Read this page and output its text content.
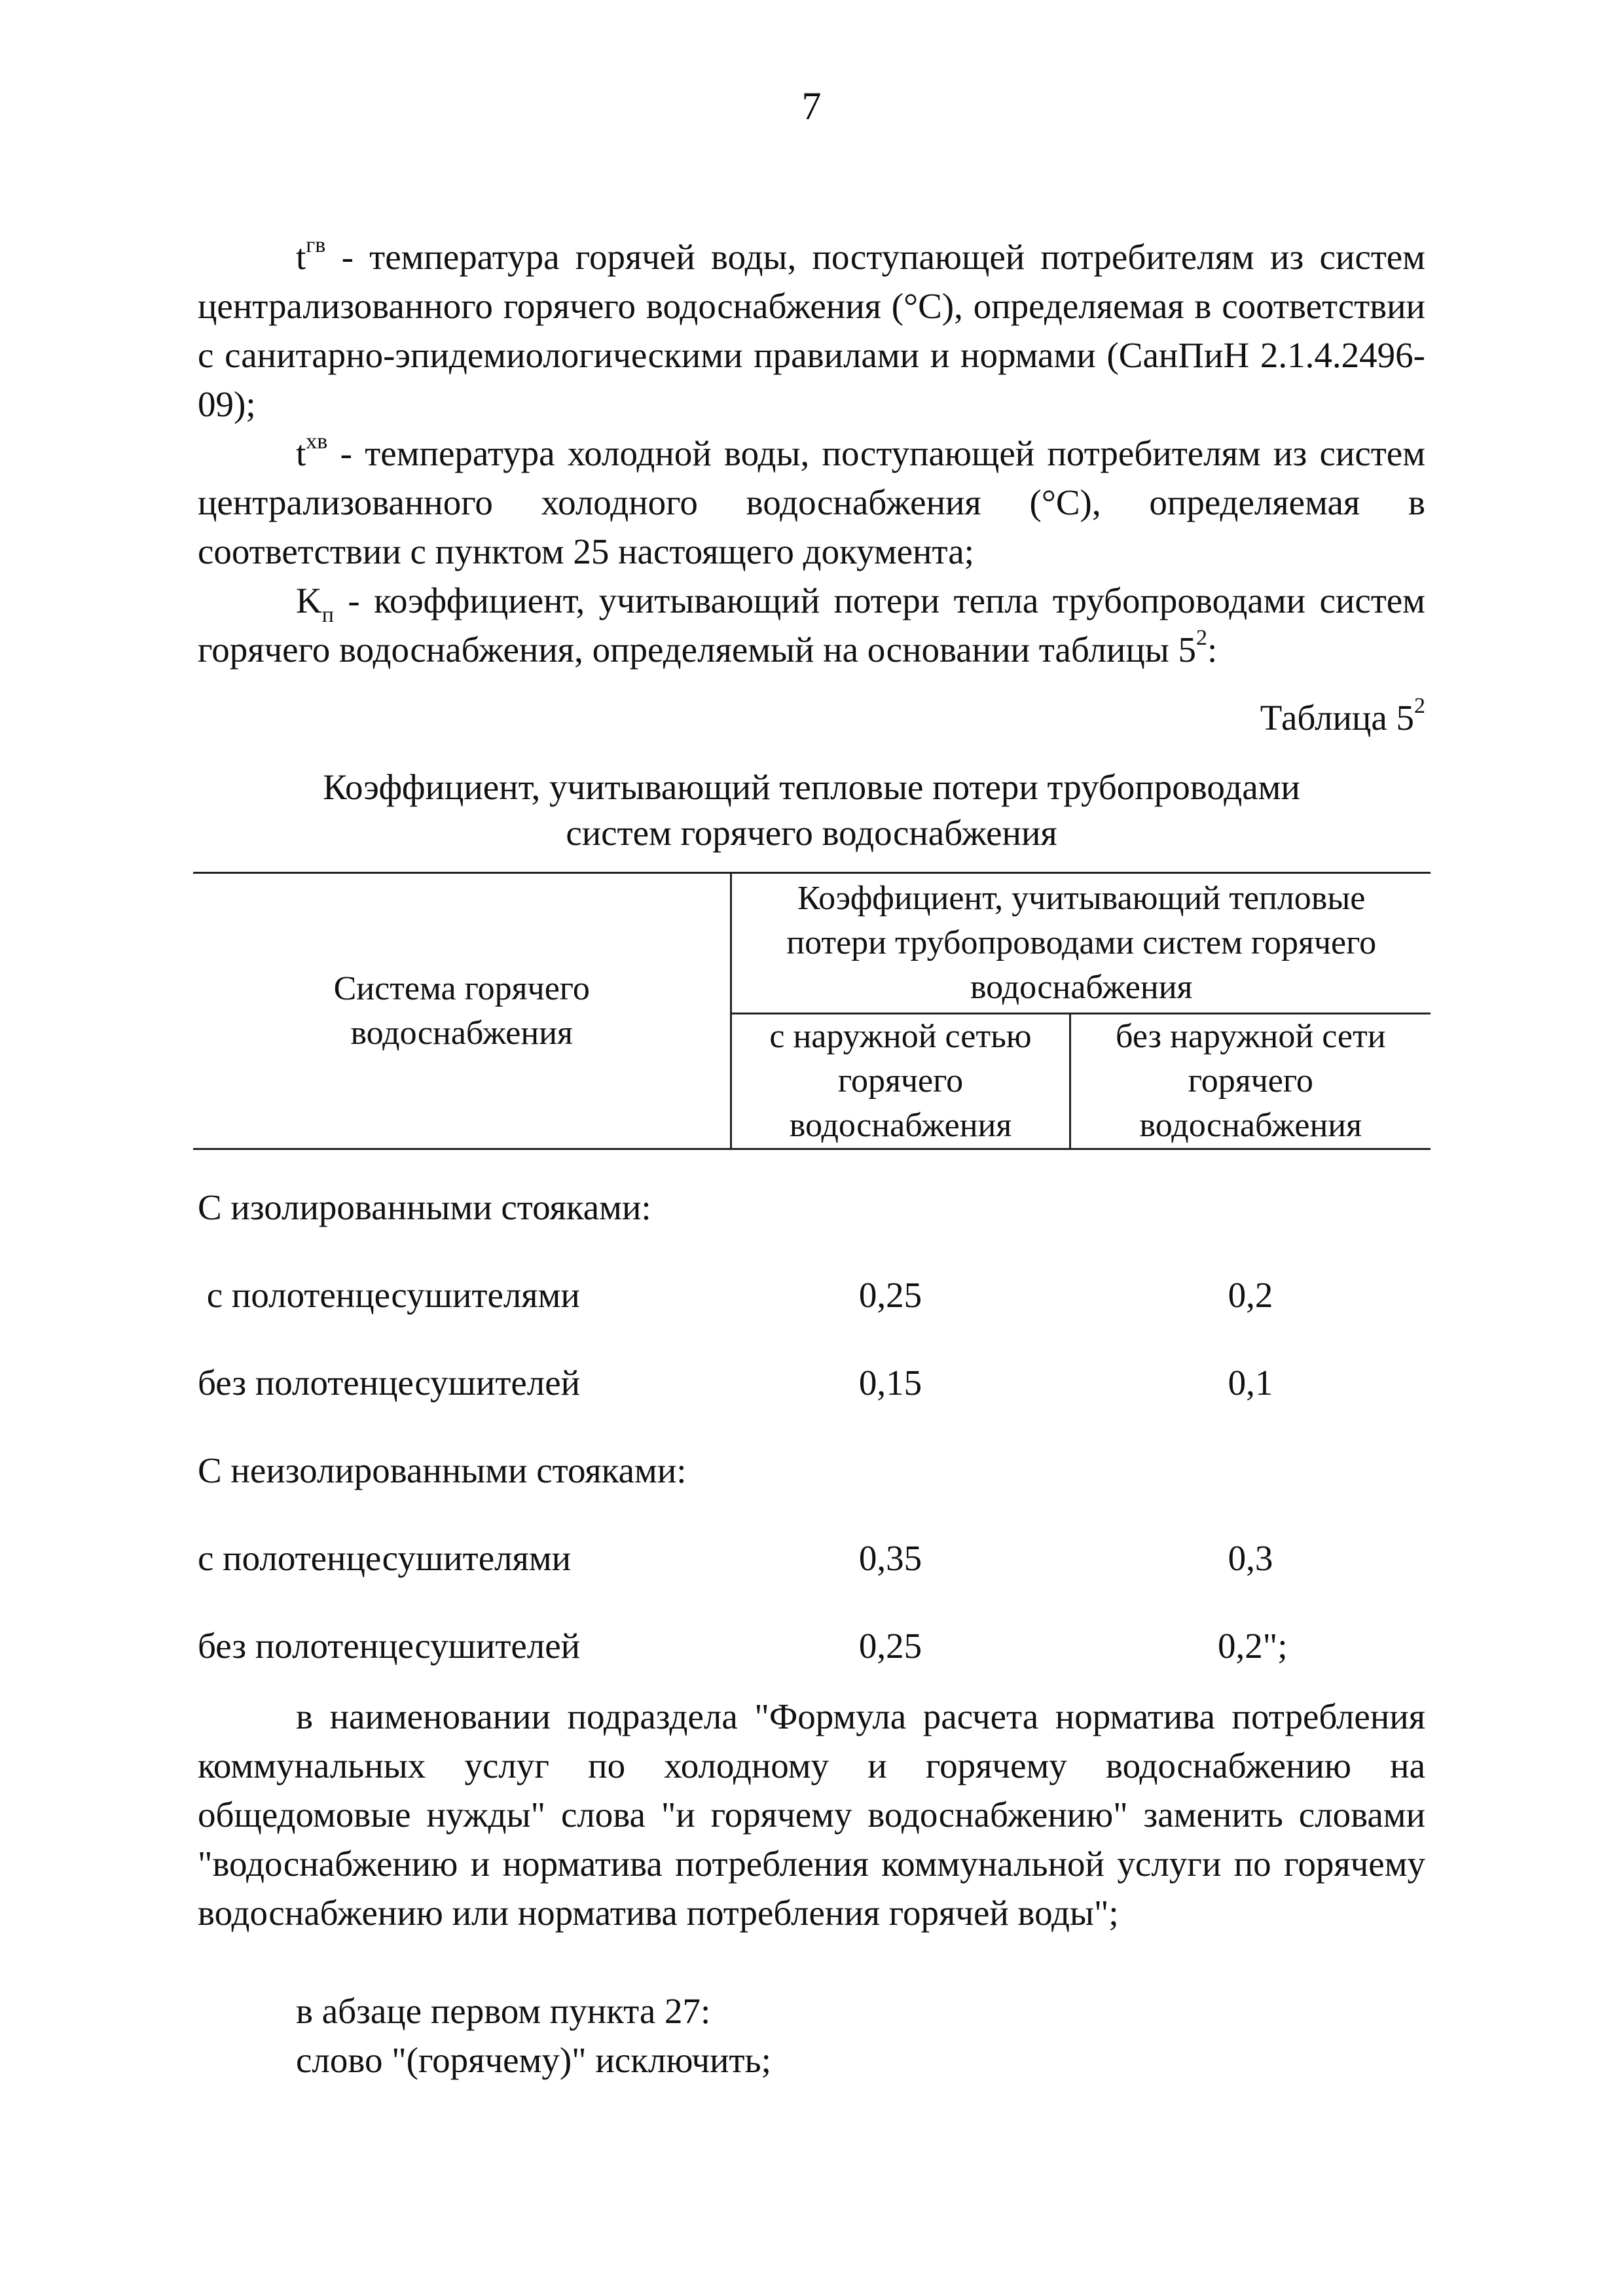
7

$t^{гв}$ - температура горячей воды, поступающей потребителям из систем централизованного горячего водоснабжения (°C), определяемая в соответствии с санитарно-эпидемиологическими правилами и нормами (СанПиН 2.1.4.2496-09);

$t^{хв}$ - температура холодной воды, поступающей потребителям из систем централизованного холодного водоснабжения (°C), определяемая в соответствии с пунктом 25 настоящего документа;

$K_п$ - коэффициент, учитывающий потери тепла трубопроводами систем горячего водоснабжения, определяемый на основании таблицы $5^2$:

Таблица $5^2$
Коэффициент, учитывающий тепловые потери трубопроводами
систем горячего водоснабжения
Система горячего водоснабжения	Коэффициент, учитывающий тепловые потери трубопроводами систем горячего водоснабжения	
	с наружной сетью горячего водоснабжения	без наружной сети горячего водоснабжения
С изолированными стояками:
с полотенцесушителями	0,25	0,2
без полотенцесушителей	0,15	0,1
С неизолированными стояками:
с полотенцесушителями	0,35	0,3
без полотенцесушителей	0,25	0,2";

в наименовании подраздела "Формула расчета норматива потребления коммунальных услуг по холодному и горячему водоснабжению на общедомовые нужды" слова "и горячему водоснабжению" заменить словами "водоснабжению и норматива потребления коммунальной услуги по горячему водоснабжению или норматива потребления горячей воды";

в абзаце первом пункта 27:

слово "(горячему)" исключить;
